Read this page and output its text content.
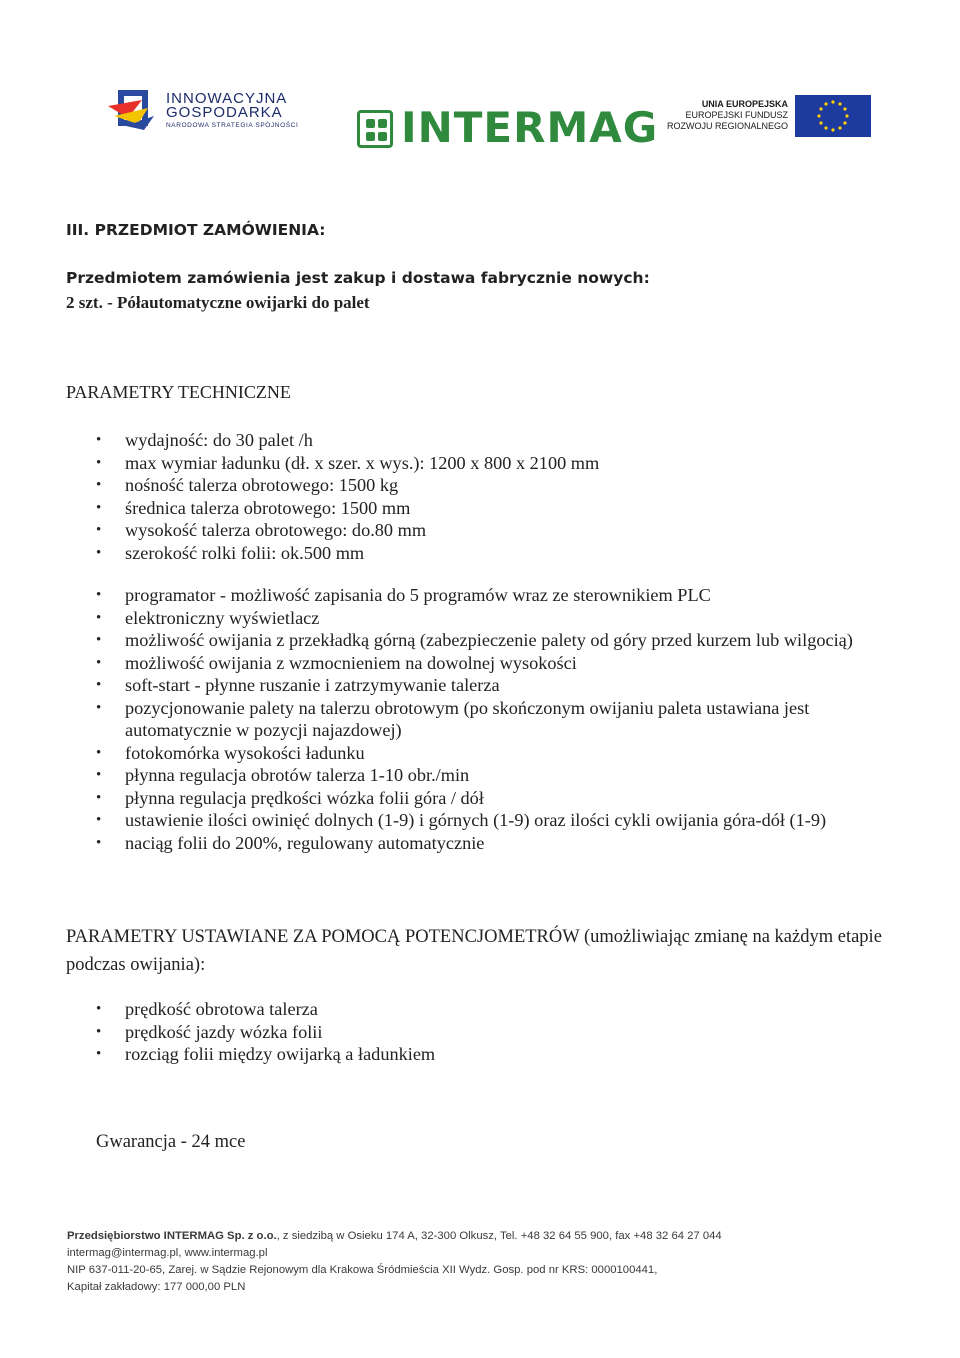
INNOWACYJNA
GOSPODARKA
NARODOWA STRATEGIA SPÓJNOŚCI INTERMAG	UNIA EUROPEJSKA
EUROPEJSKI FUNDUSZ
ROZWOJU REGIONALNEGO
III. PRZEDMIOT ZAMÓWIENIA:
Przedmiotem zamówienia jest zakup i dostawa fabrycznie nowych:
2 szt. - Półautomatyczne owijarki do palet
PARAMETRY TECHNICZNE
• wydajność: do 30 palet /h
• max wymiar ładunku (dł. x szer. x wys.): 1200 x 800 x 2100 mm
• nośność talerza obrotowego: 1500 kg
• średnica talerza obrotowego: 1500 mm
• wysokość talerza obrotowego: do.80 mm
• szerokość rolki folii: ok.500 mm
• programator - możliwość zapisania do 5 programów wraz ze sterownikiem PLC
• elektroniczny wyświetlacz
• możliwość owijania z przekładką górną (zabezpieczenie palety od góry przed kurzem lub wilgocią)
• możliwość owijania z wzmocnieniem na dowolnej wysokości
• soft-start - płynne ruszanie i zatrzymywanie talerza
• pozycjonowanie palety na talerzu obrotowym (po skończonym owijaniu paleta ustawiana jest automatycznie w pozycji najazdowej)
• fotokomórka wysokości ładunku
• płynna regulacja obrotów talerza 1-10 obr./min
• płynna regulacja prędkości wózka folii góra / dół
• ustawienie ilości owinięć dolnych (1-9) i górnych (1-9) oraz ilości cykli owijania góra-dół (1-9)
• naciąg folii do 200%, regulowany automatycznie
PARAMETRY USTAWIANE ZA POMOCĄ POTENCJOMETRÓW (umożliwiając zmianę na każdym etapie podczas owijania):
• prędkość obrotowa talerza
• prędkość jazdy wózka folii
• rozciąg folii między owijarką a ładunkiem
Gwarancja - 24 mce
Przedsiębiorstwo INTERMAG Sp. z o.o., z siedzibą w Osieku 174 A, 32-300 Olkusz, Tel. +48 32 64 55 900, fax +48 32 64 27 044
intermag@intermag.pl, www.intermag.pl
NIP 637-011-20-65, Zarej. w Sądzie Rejonowym dla Krakowa Śródmieścia XII Wydz. Gosp. pod nr KRS: 0000100441,
Kapitał zakładowy: 177 000,00 PLN
